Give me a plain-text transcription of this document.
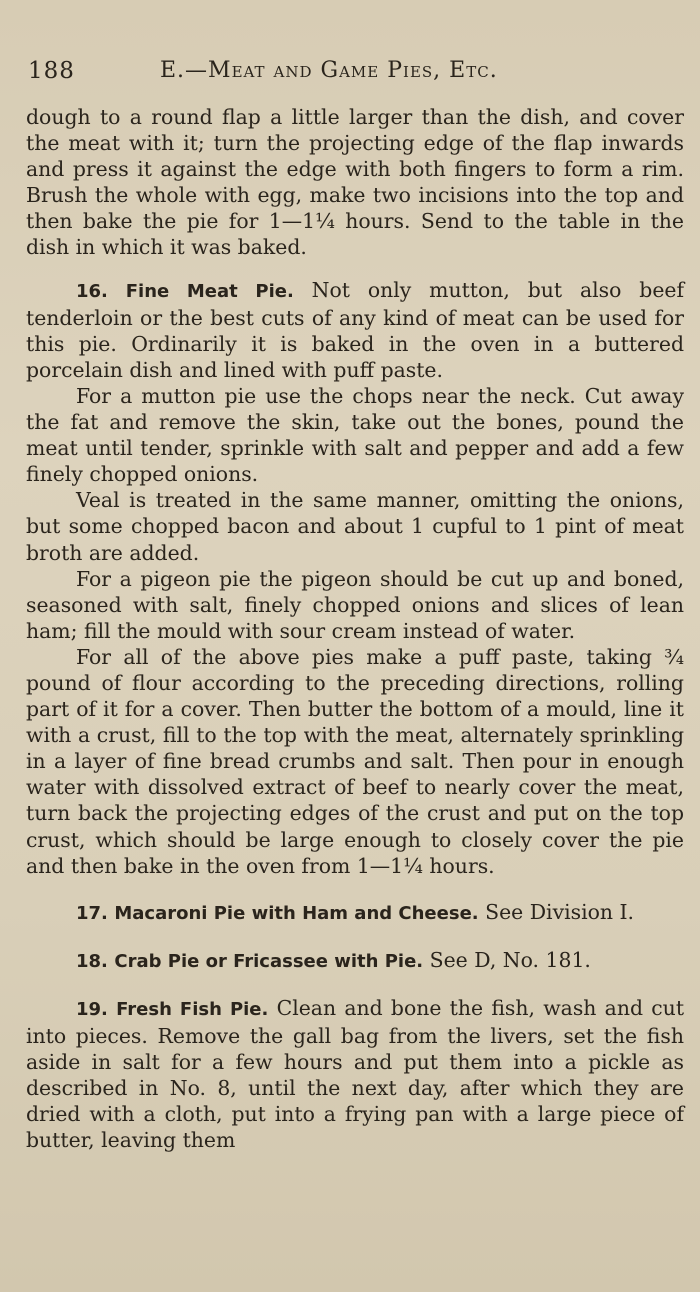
188	E.—Meat and Game Pies, Etc.

dough to a round flap a little larger than the dish, and cover the meat with it; turn the projecting edge of the flap inwards and press it against the edge with both fingers to form a rim. Brush the whole with egg, make two incisions into the top and then bake the pie for 1—1¼ hours. Send to the table in the dish in which it was baked.

16. Fine Meat Pie. Not only mutton, but also beef tenderloin or the best cuts of any kind of meat can be used for this pie. Ordinarily it is baked in the oven in a buttered porcelain dish and lined with puff paste.

For a mutton pie use the chops near the neck. Cut away the fat and remove the skin, take out the bones, pound the meat until tender, sprinkle with salt and pepper and add a few finely chopped onions.

Veal is treated in the same manner, omitting the onions, but some chopped bacon and about 1 cupful to 1 pint of meat broth are added.

For a pigeon pie the pigeon should be cut up and boned, seasoned with salt, finely chopped onions and slices of lean ham; fill the mould with sour cream instead of water.

For all of the above pies make a puff paste, taking ¾ pound of flour according to the preceding directions, rolling part of it for a cover. Then butter the bottom of a mould, line it with a crust, fill to the top with the meat, alternately sprinkling in a layer of fine bread crumbs and salt. Then pour in enough water with dissolved extract of beef to nearly cover the meat, turn back the projecting edges of the crust and put on the top crust, which should be large enough to closely cover the pie and then bake in the oven from 1—1¼ hours.

17. Macaroni Pie with Ham and Cheese. See Division I.

18. Crab Pie or Fricassee with Pie. See D, No. 181.

19. Fresh Fish Pie. Clean and bone the fish, wash and cut into pieces. Remove the gall bag from the livers, set the fish aside in salt for a few hours and put them into a pickle as described in No. 8, until the next day, after which they are dried with a cloth, put into a frying pan with a large piece of butter, leaving them
